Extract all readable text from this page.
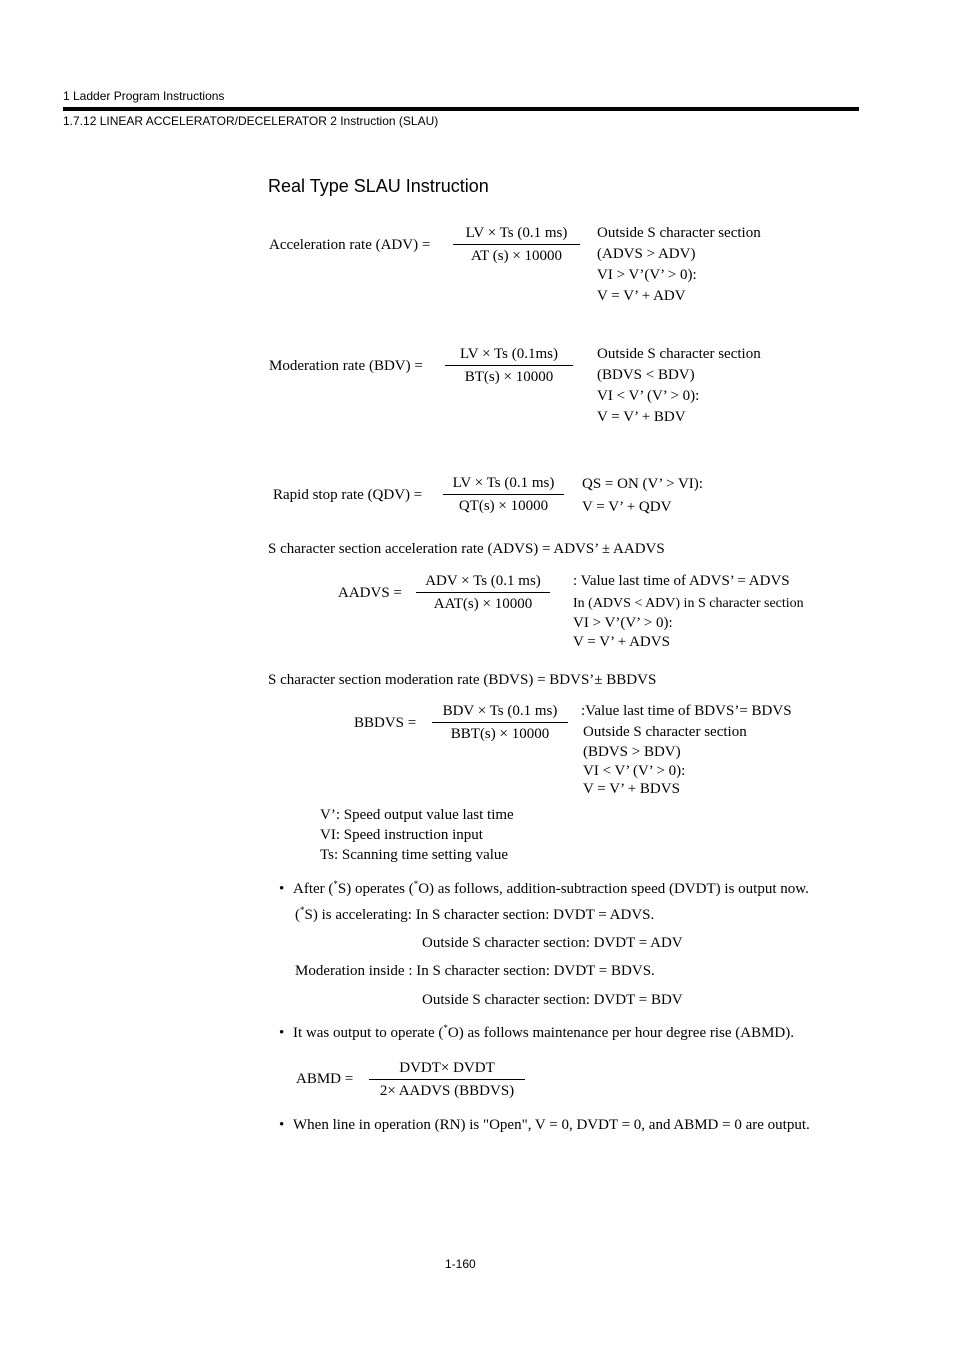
1 Ladder Program Instructions
1.7.12 LINEAR ACCELERATOR/DECELERATOR 2 Instruction (SLAU)
Real Type SLAU Instruction
Acceleration rate (ADV) =
LV × Ts (0.1 ms)
AT (s) × 10000
Outside S character section
(ADVS > ADV)
VI > V’(V’ > 0):
V = V’ + ADV
Moderation rate (BDV) =
LV × Ts (0.1ms)
BT(s) × 10000
Outside S character section
(BDVS < BDV)
VI < V’ (V’ > 0):
V = V’ + BDV
Rapid stop rate (QDV) =
LV × Ts (0.1 ms)
QT(s) × 10000
QS = ON (V’ > VI):
V = V’ + QDV
S character section acceleration rate (ADVS) = ADVS’ ± AADVS
AADVS =
ADV × Ts (0.1 ms)
AAT(s) × 10000
: Value last time of ADVS’ = ADVS
In (ADVS < ADV) in S character section
VI > V’(V’ > 0):
V = V’ + ADVS
S character section moderation rate (BDVS) = BDVS’± BBDVS
BBDVS =
BDV × Ts (0.1 ms)
BBT(s) × 10000
:Value last time of BDVS’= BDVS
Outside S character section
(BDVS > BDV)
VI < V’ (V’ > 0):
V = V’ + BDVS
V’: Speed output value last time
VI: Speed instruction input
Ts: Scanning time setting value
• After (*S) operates (*O) as follows, addition-subtraction speed (DVDT) is output now.
(*S) is accelerating: In S character section: DVDT = ADVS.
Outside S character section: DVDT = ADV
Moderation inside : In S character section: DVDT = BDVS.
Outside S character section: DVDT = BDV
• It was output to operate (*O) as follows maintenance per hour degree rise (ABMD).
ABMD =
DVDT× DVDT
2× AADVS (BBDVS)
• When line in operation (RN) is "Open", V = 0, DVDT = 0, and ABMD = 0 are output.
1-160
